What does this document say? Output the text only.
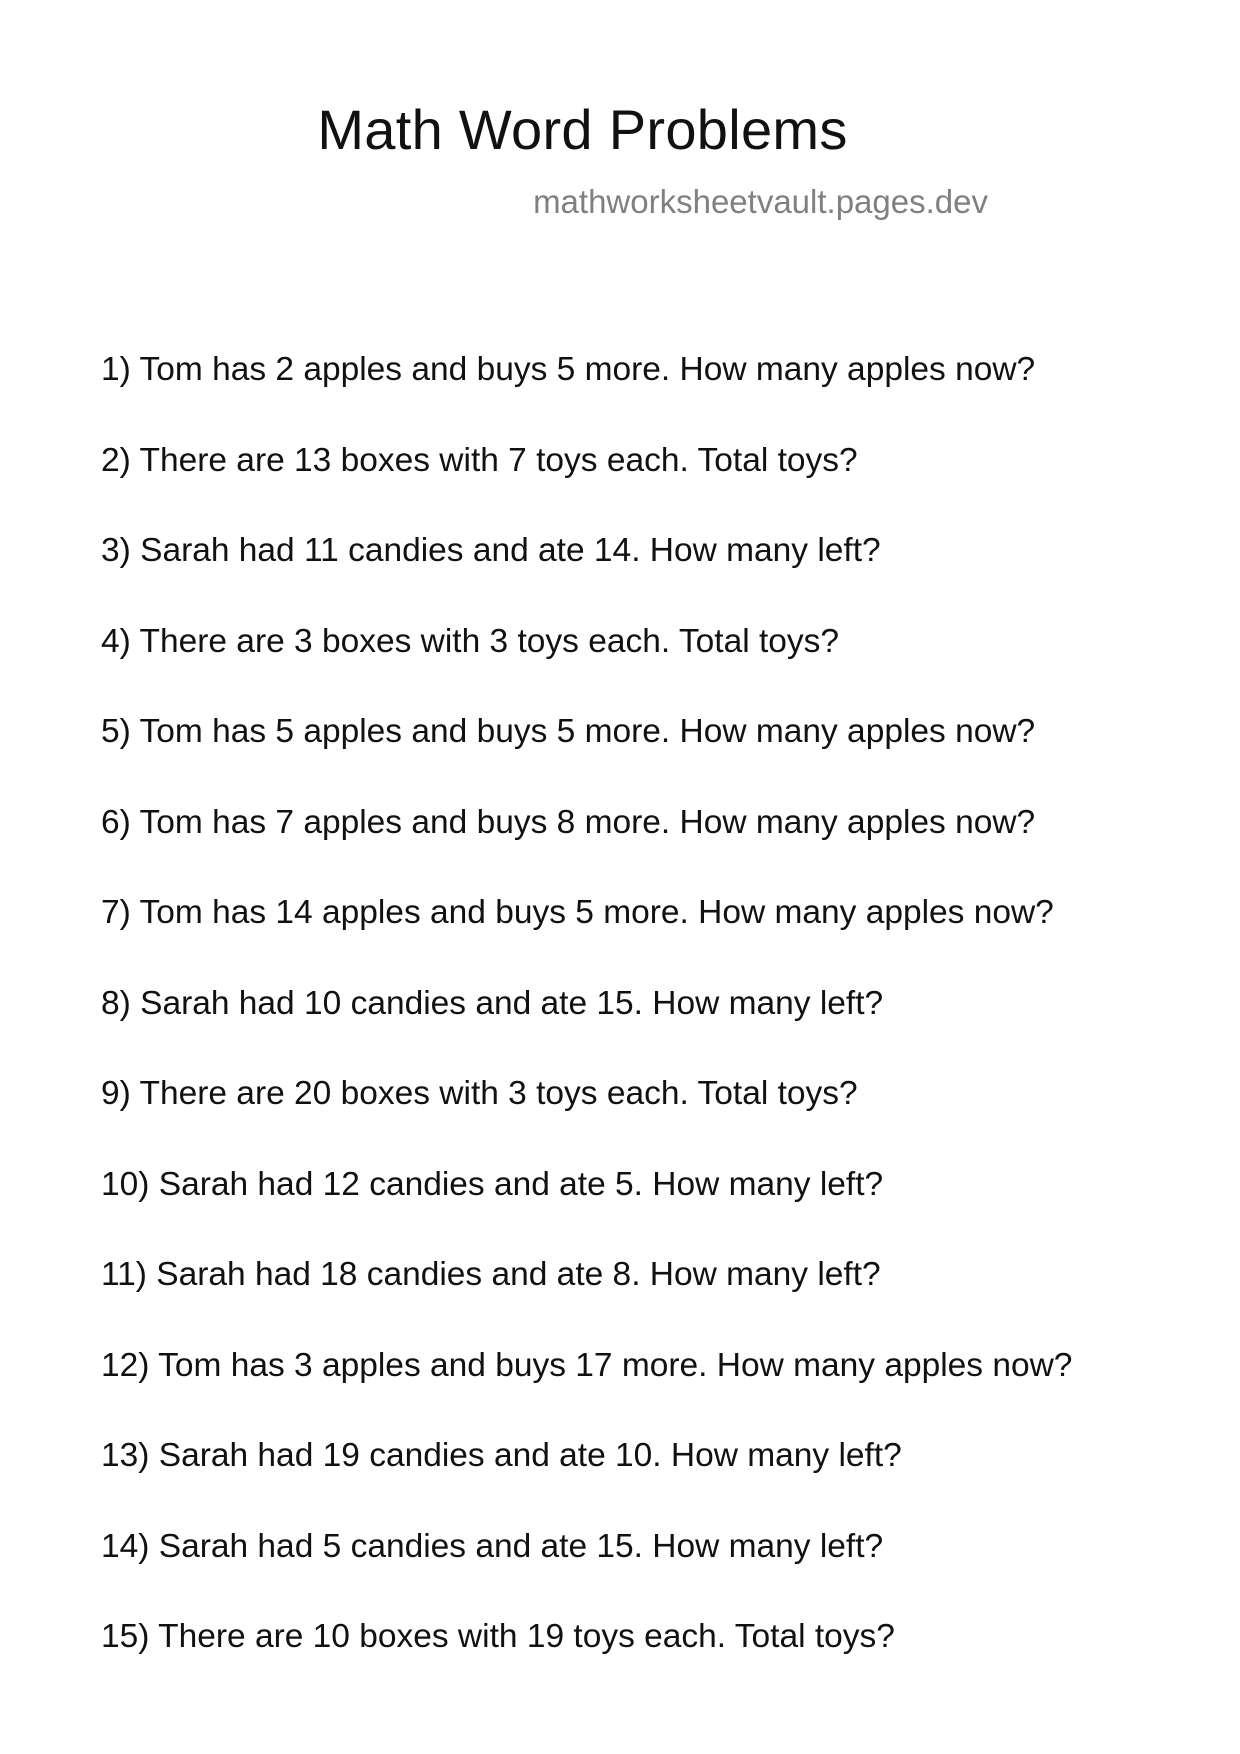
Math Word Problems
mathworksheetvault.pages.dev
1) Tom has 2 apples and buys 5 more. How many apples now?
2) There are 13 boxes with 7 toys each. Total toys?
3) Sarah had 11 candies and ate 14. How many left?
4) There are 3 boxes with 3 toys each. Total toys?
5) Tom has 5 apples and buys 5 more. How many apples now?
6) Tom has 7 apples and buys 8 more. How many apples now?
7) Tom has 14 apples and buys 5 more. How many apples now?
8) Sarah had 10 candies and ate 15. How many left?
9) There are 20 boxes with 3 toys each. Total toys?
10) Sarah had 12 candies and ate 5. How many left?
11) Sarah had 18 candies and ate 8. How many left?
12) Tom has 3 apples and buys 17 more. How many apples now?
13) Sarah had 19 candies and ate 10. How many left?
14) Sarah had 5 candies and ate 15. How many left?
15) There are 10 boxes with 19 toys each. Total toys?
